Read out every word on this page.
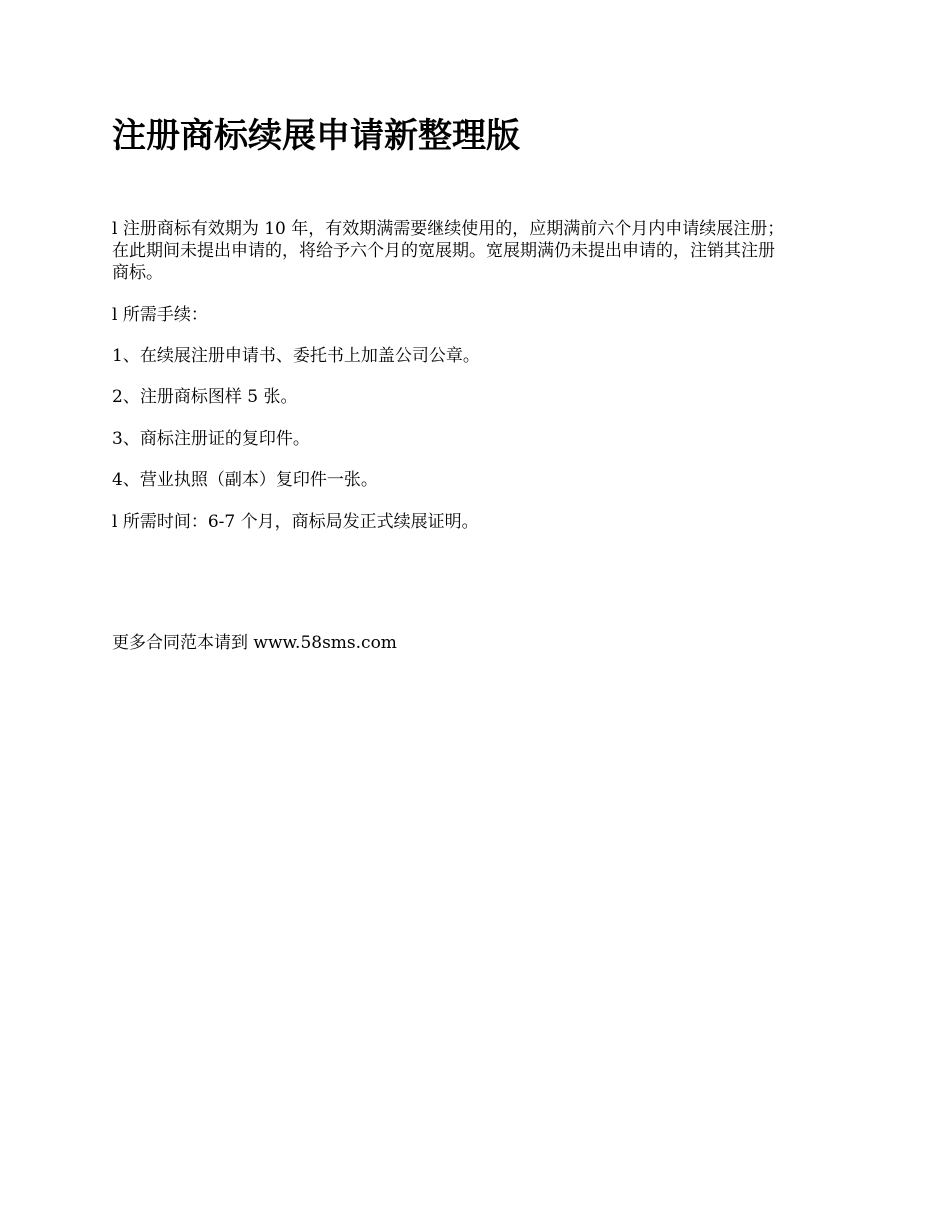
注册商标续展申请新整理版

l 注册商标有效期为 10 年，有效期满需要继续使用的，应期满前六个月内申请续展注册；
在此期间未提出申请的，将给予六个月的宽展期。宽展期满仍未提出申请的，注销其注册
商标。

l 所需手续：

1、在续展注册申请书、委托书上加盖公司公章。

2、注册商标图样 5 张。

3、商标注册证的复印件。

4、营业执照（副本）复印件一张。

l 所需时间：6-7 个月，商标局发正式续展证明。

更多合同范本请到 www.58sms.com
